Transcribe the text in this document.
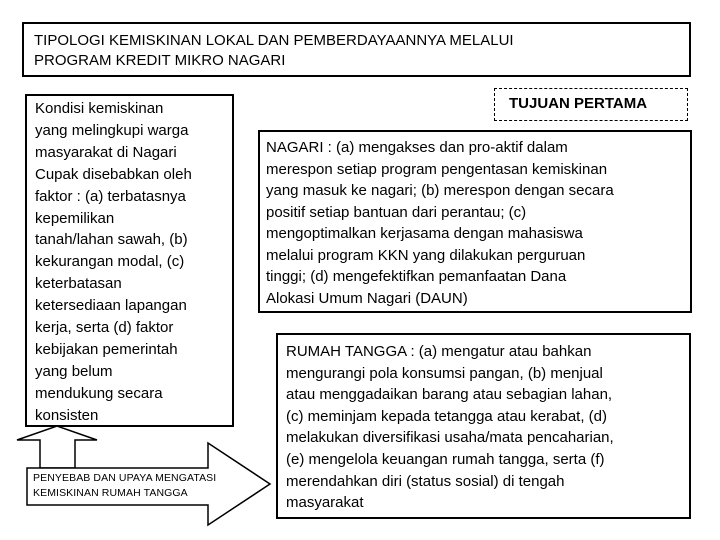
TIPOLOGI KEMISKINAN LOKAL DAN PEMBERDAYAANNYA MELALUI
PROGRAM KREDIT MIKRO NAGARI
Kondisi kemiskinan
yang melingkupi warga
masyarakat di Nagari
Cupak disebabkan oleh
faktor : (a) terbatasnya
kepemilikan
tanah/lahan sawah, (b)
kekurangan modal, (c)
keterbatasan
ketersediaan lapangan
kerja, serta (d) faktor
kebijakan pemerintah
yang belum
mendukung secara
konsisten
TUJUAN PERTAMA
NAGARI : (a) mengakses dan pro-aktif dalam
merespon setiap program pengentasan kemiskinan
yang masuk ke nagari; (b) merespon dengan secara
positif setiap bantuan dari perantau; (c)
mengoptimalkan kerjasama dengan mahasiswa
melalui program KKN yang dilakukan perguruan
tinggi; (d) mengefektifkan pemanfaatan Dana
Alokasi Umum Nagari (DAUN)
RUMAH TANGGA : (a) mengatur atau bahkan
mengurangi pola konsumsi pangan, (b) menjual
atau menggadaikan barang atau sebagian lahan,
(c) meminjam kepada tetangga atau kerabat, (d)
melakukan diversifikasi usaha/mata pencaharian,
(e) mengelola keuangan rumah tangga, serta (f)
merendahkan diri (status sosial) di tengah
masyarakat
PENYEBAB DAN UPAYA MENGATASI
KEMISKINAN RUMAH TANGGA
